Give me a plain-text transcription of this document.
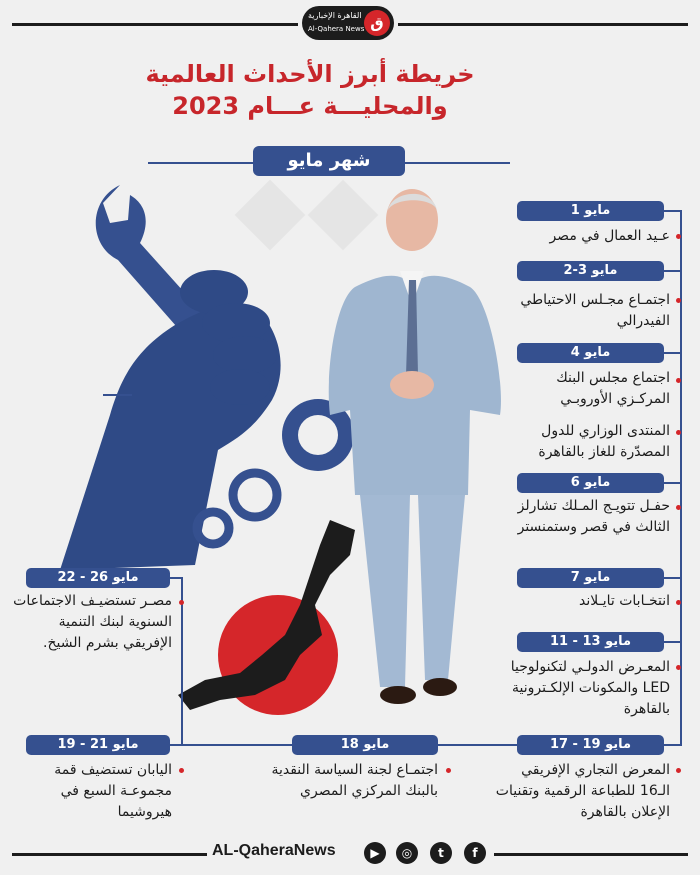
القاهرة الإخبارية
Al-Qahera News ق
خريطة أبرز الأحداث العالمية
والمحليـــة عـــام 2023
شهر مايو
1 مايو
عـيد العمال في مصر
2-3 مايو
اجتمـاع مجـلس الاحتياطي الفيدرالي
4 مايو
اجتماع مجلس البنك المركـزي الأوروبـي
المنتدى الوزاري للدول المصدّرة للغاز بالقاهرة
6 مايو
حفـل تتويـج المـلك تشارلز الثالث في قصر وستمنستر
7 مايو
انتخـابات تايـلاند
11 - 13 مايو
المعـرض الدولـي لتكنولوجيا LED والمكونات الإلكـترونية بالقاهرة
17 - 19 مايو
المعرض التجاري الإفريقي الـ16 للطباعة الرقمية وتقنيات الإعلان بالقاهرة
18 مايو
اجتمـاع لجنة السياسة النقدية بالبنك المركزي المصري
19 - 21 مايو
اليابان تستضيف قمة مجموعـة السبع في هيروشيما
22 - 26 مايو
مصـر تستضيـف الاجتماعات السنوية لبنك التنمية الإفريقي بشرم الشيخ.
AL-QaheraNews	▶	◎	t	f
